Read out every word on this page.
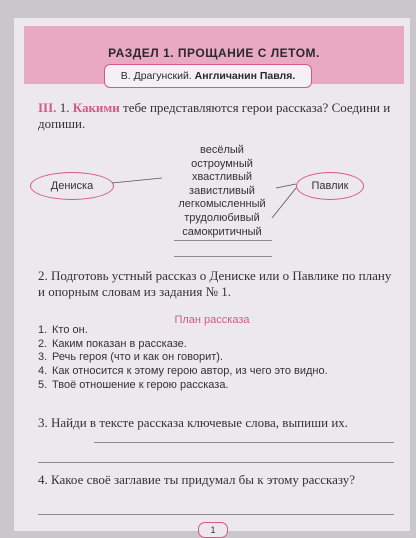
РАЗДЕЛ 1. ПРОЩАНИЕ С ЛЕТОМ.
В. Драгунский. Англичанин Павля.
III. 1. Какими тебе представляются герои рассказа? Соедини и допиши.
Дениска	Павлик
весёлый
остроумный
хвастливый
завистливый
легкомысленный
трудолюбивый
самокритичный
2. Подготовь устный рассказ о Дениске или о Павлике по плану и опорным словам из задания № 1.
План рассказа
1. Кто он.
2. Каким показан в рассказе.
3. Речь героя (что и как он говорит).
4. Как относится к этому герою автор, из чего это видно.
5. Твоё отношение к герою рассказа.
3. Найди в тексте рассказа ключевые слова, выпиши их.
4. Какое своё заглавие ты придумал бы к этому рассказу?
1
